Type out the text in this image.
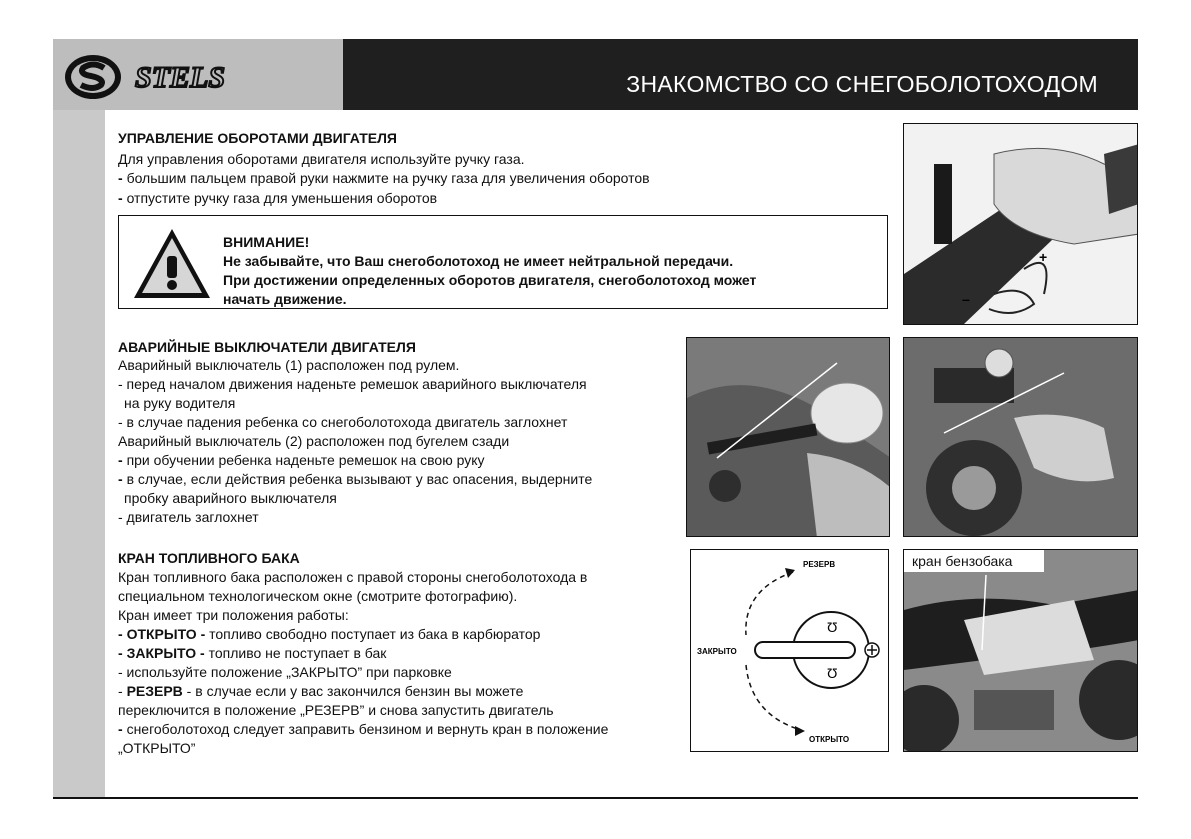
STELS	ЗНАКОМСТВО СО СНЕГОБОЛОТОХОДОМ
УПРАВЛЕНИЕ ОБОРОТАМИ ДВИГАТЕЛЯ
Для управления оборотами двигателя используйте ручку газа.
- большим пальцем правой руки нажмите на ручку газа для увеличения оборотов
- отпустите ручку газа для уменьшения оборотов
ВНИМАНИЕ!
Не забывайте, что Ваш снегоболотоход не имеет нейтральной передачи.
При достижении определенных оборотов двигателя, снегоболотоход может
начать движение.
+
–
АВАРИЙНЫЕ ВЫКЛЮЧАТЕЛИ ДВИГАТЕЛЯ
Аварийный выключатель (1) расположен под рулем.
- перед началом движения наденьте ремешок аварийного выключателя
на руку водителя
- в случае падения ребенка со снегоболотохода двигатель заглохнет
Аварийный выключатель (2) расположен под бугелем сзади
- при обучении ребенка наденьте ремешок на свою руку
- в случае, если действия ребенка вызывают у вас опасения, выдерните
пробку аварийного выключателя
- двигатель заглохнет
КРАН ТОПЛИВНОГО БАКА
Кран топливного бака расположен с правой стороны снегоболотохода в
специальном технологическом окне (смотрите фотографию).
Кран имеет три положения работы:
- ОТКРЫТО - топливо свободно поступает из бака в карбюратор
- ЗАКРЫТО - топливо не поступает в бак
- используйте положение „ЗАКРЫТО” при парковке
- РЕЗЕРВ - в случае если у вас закончился бензин вы можете
переключится в положение „РЕЗЕРВ” и снова запустить двигатель
- снегоболотоход следует заправить бензином и вернуть кран в положение
„ОТКРЫТО”
Ʊ
Ʊ
РЕЗЕРВ
ЗАКРЫТО
ОТКРЫТО
кран бензобака
